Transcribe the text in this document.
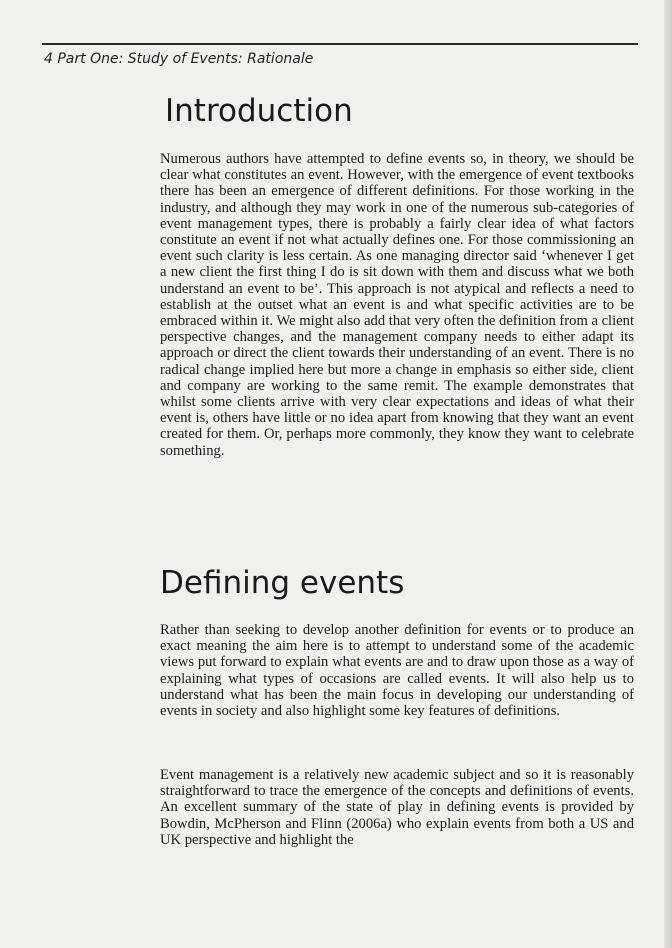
4 Part One: Study of Events: Rationale
Introduction

Numerous authors have attempted to define events so, in theory, we should be clear what constitutes an event. However, with the emergence of event textbooks there has been an emergence of different definitions. For those working in the industry, and although they may work in one of the numerous sub-categories of event management types, there is probably a fairly clear idea of what factors constitute an event if not what actually defines one. For those commissioning an event such clarity is less certain. As one managing director said ‘whenever I get a new client the first thing I do is sit down with them and discuss what we both understand an event to be’. This approach is not atypical and reflects a need to establish at the outset what an event is and what specific activities are to be embraced within it. We might also add that very often the definition from a client perspective changes, and the management company needs to either adapt its approach or direct the client towards their understanding of an event. There is no radical change implied here but more a change in emphasis so either side, client and company are working to the same remit. The example demonstrates that whilst some clients arrive with very clear expectations and ideas of what their event is, others have little or no idea apart from knowing that they want an event created for them. Or, perhaps more commonly, they know they want to celebrate something.

Defining events

Rather than seeking to develop another definition for events or to produce an exact meaning the aim here is to attempt to understand some of the academic views put forward to explain what events are and to draw upon those as a way of explaining what types of occasions are called events. It will also help us to understand what has been the main focus in developing our understanding of events in society and also highlight some key features of definitions.

Event management is a relatively new academic subject and so it is reasonably straightforward to trace the emergence of the concepts and definitions of events. An excellent summary of the state of play in defining events is provided by Bowdin, McPherson and Flinn (2006a) who explain events from both a US and UK perspective and highlight the
